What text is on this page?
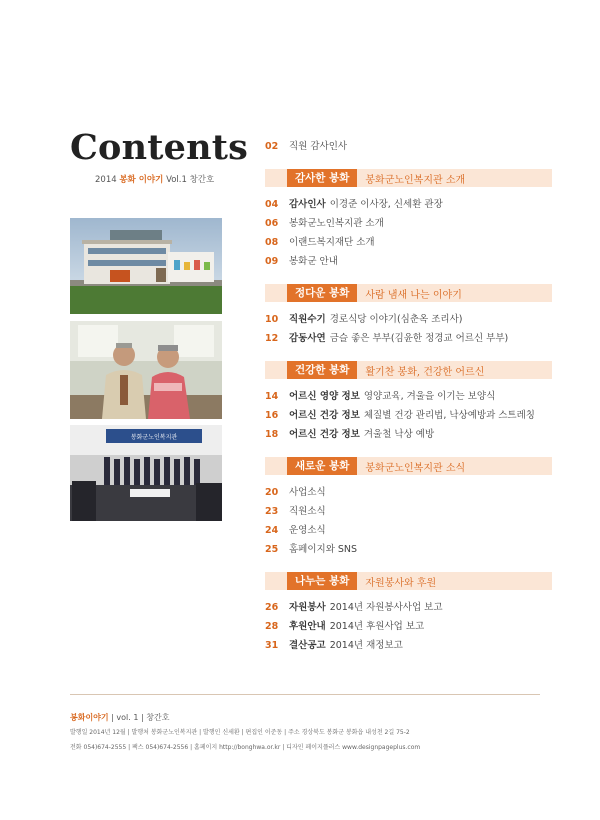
Contents
2014 봉화 이야기 Vol.1 창간호
봉화군노인복지관
02	직원 감사인사
감사한 봉화	봉화군노인복지관 소개
04	감사인사 이경준 이사장, 신세환 관장
06	봉화군노인복지관 소개
08	이랜드복지재단 소개
09	봉화군 안내
정다운 봉화	사람 냄새 나는 이야기
10	직원수기 경로식당 이야기(심춘옥 조리사)
12	감동사연 금슬 좋은 부부(김윤한 정경교 어르신 부부)
건강한 봉화	활기찬 봉화, 건강한 어르신
14	어르신 영양 정보 영양교육, 겨울을 이기는 보양식
16	어르신 건강 정보 체질별 건강 관리법, 낙상예방과 스트레칭
18	어르신 건강 정보 겨울철 낙상 예방
새로운 봉화	봉화군노인복지관 소식
20	사업소식
23	직원소식
24	운영소식
25	홈페이지와 SNS
나누는 봉화	자원봉사와 후원
26	자원봉사 2014년 자원봉사사업 보고
28	후원안내 2014년 후원사업 보고
31	결산공고 2014년 재정보고
봉화이야기 | vol. 1 | 창간호
발행일 2014년 12월 | 발행처 봉화군노인복지관 | 발행인 신세환 | 편집인 이준동 | 주소 경상북도 봉화군 봉화읍 내성천 2길 75-2
전화 054)674-2555 | 팩스 054)674-2556 | 홈페이지 http://bonghwa.or.kr | 디자인 페이지플러스 www.designpageplus.com
